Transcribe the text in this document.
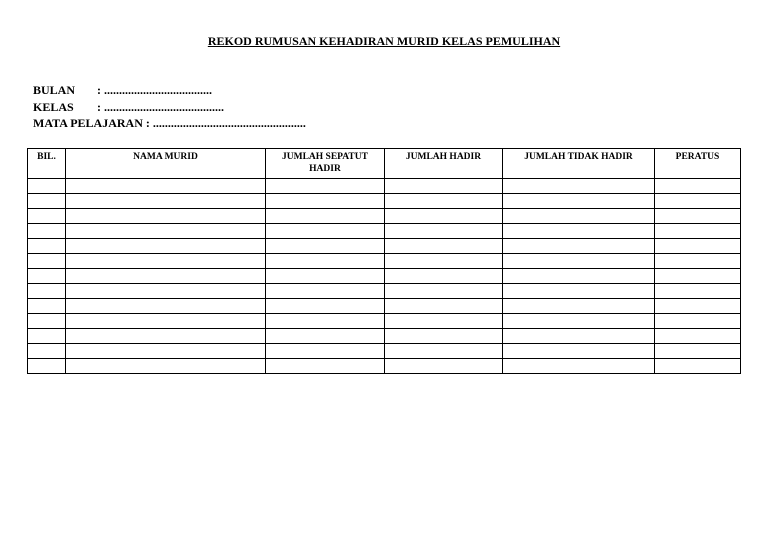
REKOD RUMUSAN KEHADIRAN MURID KELAS PEMULIHAN
BULAN : ....................................
KELAS : ........................................
MATA PELAJARAN : ...................................................
BIL.	NAMA MURID	JUMLAH SEPATUT HADIR	JUMLAH HADIR	JUMLAH TIDAK HADIR	PERATUS
